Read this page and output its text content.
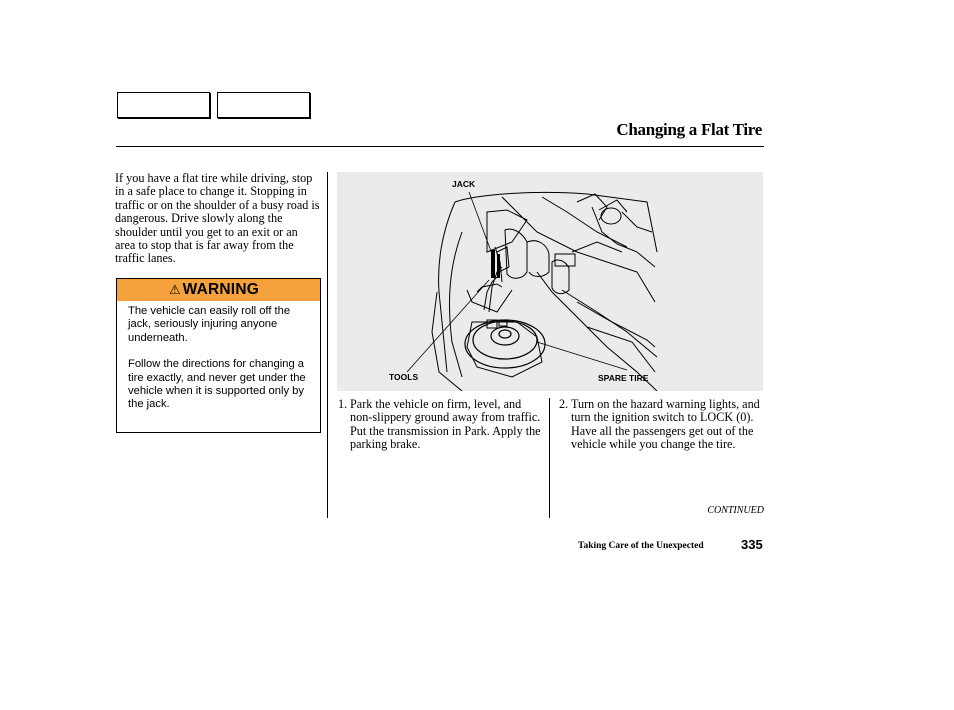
Changing a Flat Tire
If you have a flat tire while driving, stop in a safe place to change it. Stopping in traffic or on the shoulder of a busy road is dangerous. Drive slowly along the shoulder until you get to an exit or an area to stop that is far away from the traffic lanes.
⚠ WARNING

The vehicle can easily roll off the jack, seriously injuring anyone underneath.

Follow the directions for changing a tire exactly, and never get under the vehicle when it is supported only by the jack.

JACK
TOOLS	SPARE TIRE
1. Park the vehicle on firm, level, and non-slippery ground away from traffic. Put the transmission in Park. Apply the parking brake.
2. Turn on the hazard warning lights, and turn the ignition switch to LOCK (0). Have all the passengers get out of the vehicle while you change the tire.
CONTINUED
Taking Care of the Unexpected	335
